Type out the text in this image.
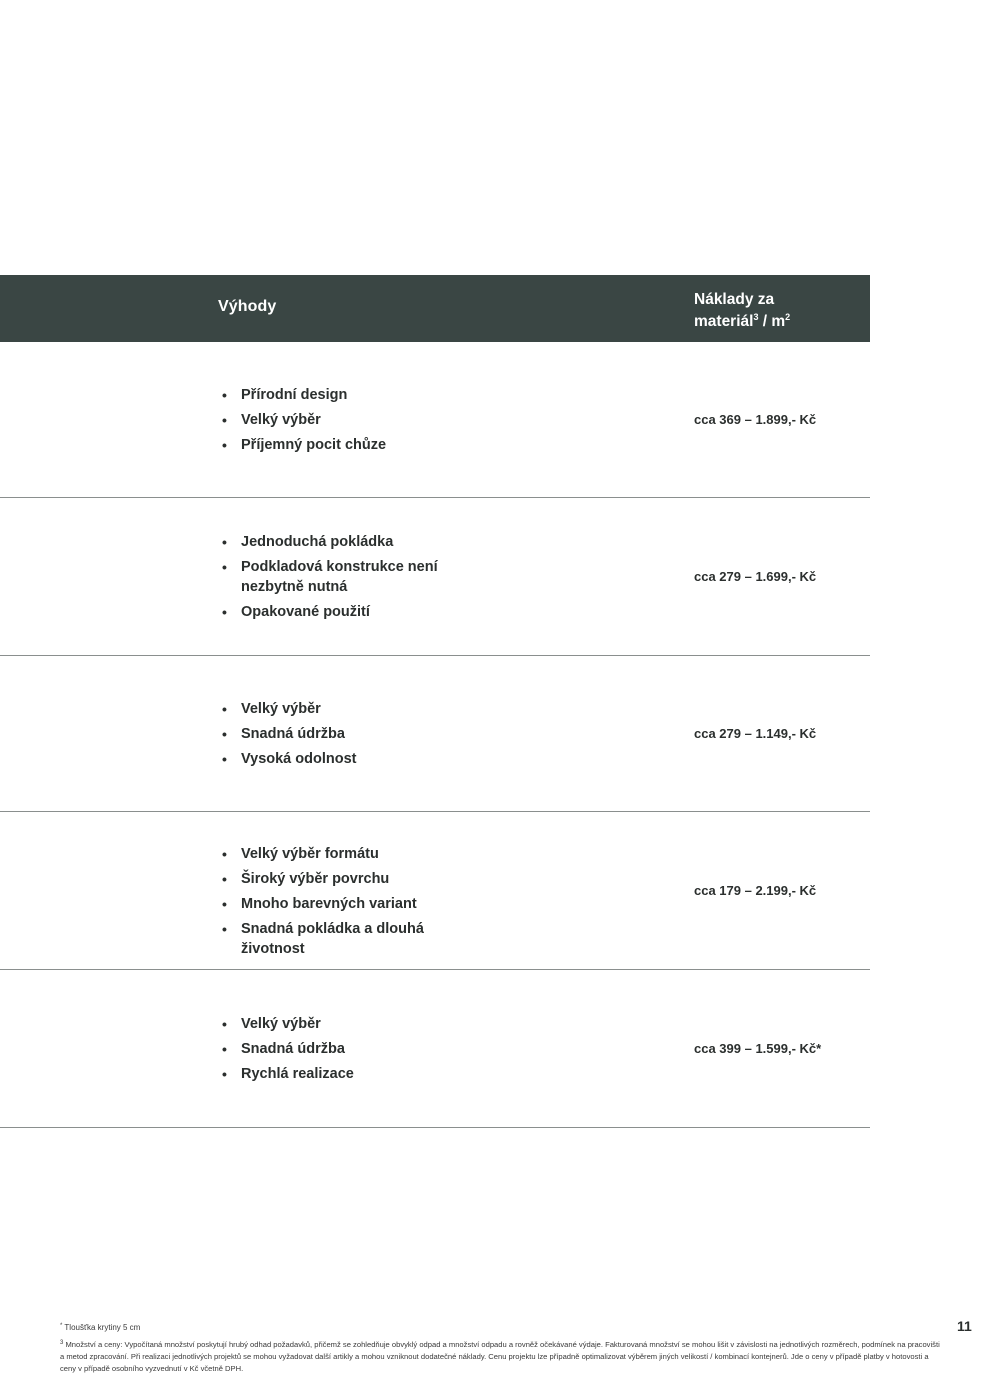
Výhody	Náklady za
materiál$^3$ / $m^2$
• Přírodní design
• Velký výběr
• Příjemný pocit chůze
cca 369 – 1.899,- Kč
• Jednoduchá pokládka
• Podkladová konstrukce není nezbytně nutná
• Opakované použití
cca 279 – 1.699,- Kč
• Velký výběr
• Snadná údržba
• Vysoká odolnost
cca 279 – 1.149,- Kč
• Velký výběr formátu
• Široký výběr povrchu
• Mnoho barevných variant
• Snadná pokládka a dlouhá životnost
cca 179 – 2.199,- Kč
• Velký výběr
• Snadná údržba
• Rychlá realizace
cca 399 – 1.599,- Kč*
* Tloušťka krytiny 5 cm
$^3$ Množství a ceny: Vypočítaná množství poskytují hrubý odhad požadavků, přičemž se zohledňuje obvyklý odpad a množství odpadu a rovněž očekávané výdaje. Fakturovaná množství se mohou lišit v závislosti na jednotlivých rozměrech, podmínek na pracovišti a metod zpracování. Při realizaci jednotlivých projektů se mohou vyžadovat další artikly a mohou vzniknout dodatečné náklady. Cenu projektu lze případně optimalizovat výběrem jiných velikostí / kombinací kontejnerů. Jde o ceny v případě platby v hotovosti a ceny v případě osobního vyzvednutí v Kč včetně DPH.
11
